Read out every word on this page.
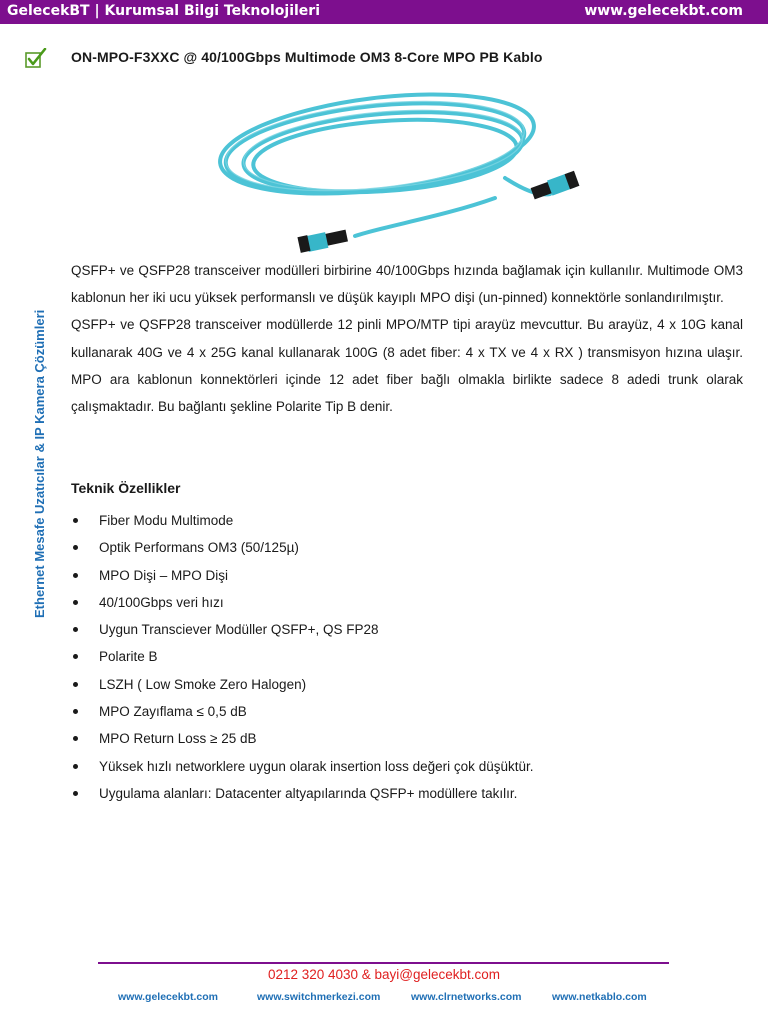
GelecekBT | Kurumsal Bilgi Teknolojileri	www.gelecekbt.com
ON-MPO-F3XXC @ 40/100Gbps Multimode OM3 8-Core MPO PB Kablo
Ethernet Mesafe Uzatıcılar & IP Kamera Çözümleri

QSFP+ ve QSFP28 transceiver modülleri birbirine 40/100Gbps hızında bağlamak için kullanılır. Multimode OM3 kablonun her iki ucu yüksek performanslı ve düşük kayıplı MPO dişi (un-pinned) konnektörle sonlandırılmıştır.

QSFP+ ve QSFP28 transceiver modüllerde 12 pinli MPO/MTP tipi arayüz mevcuttur. Bu arayüz, 4 x 10G kanal kullanarak 40G ve 4 x 25G kanal kullanarak 100G (8 adet fiber: 4 x TX ve 4 x RX ) transmisyon hızına ulaşır. MPO ara kablonun konnektörleri içinde 12 adet fiber bağlı olmakla birlikte sadece 8 adedi trunk olarak çalışmaktadır. Bu bağlantı şekline Polarite Tip B denir.

Teknik Özellikler
Fiber Modu Multimode
Optik Performans OM3 (50/125µ)
MPO Dişi – MPO Dişi
40/100Gbps veri hızı
Uygun Transciever Modüller QSFP+, QS FP28
Polarite B
LSZH ( Low Smoke Zero Halogen)
MPO Zayıflama ≤ 0,5 dB
MPO Return Loss ≥ 25 dB
Yüksek hızlı networklere uygun olarak insertion loss değeri çok düşüktür.
Uygulama alanları: Datacenter altyapılarında QSFP+ modüllere takılır.
0212 320 4030 & bayi@gelecekbt.com
www.gelecekbt.com	www.switchmerkezi.com	www.clrnetworks.com	www.netkablo.com
